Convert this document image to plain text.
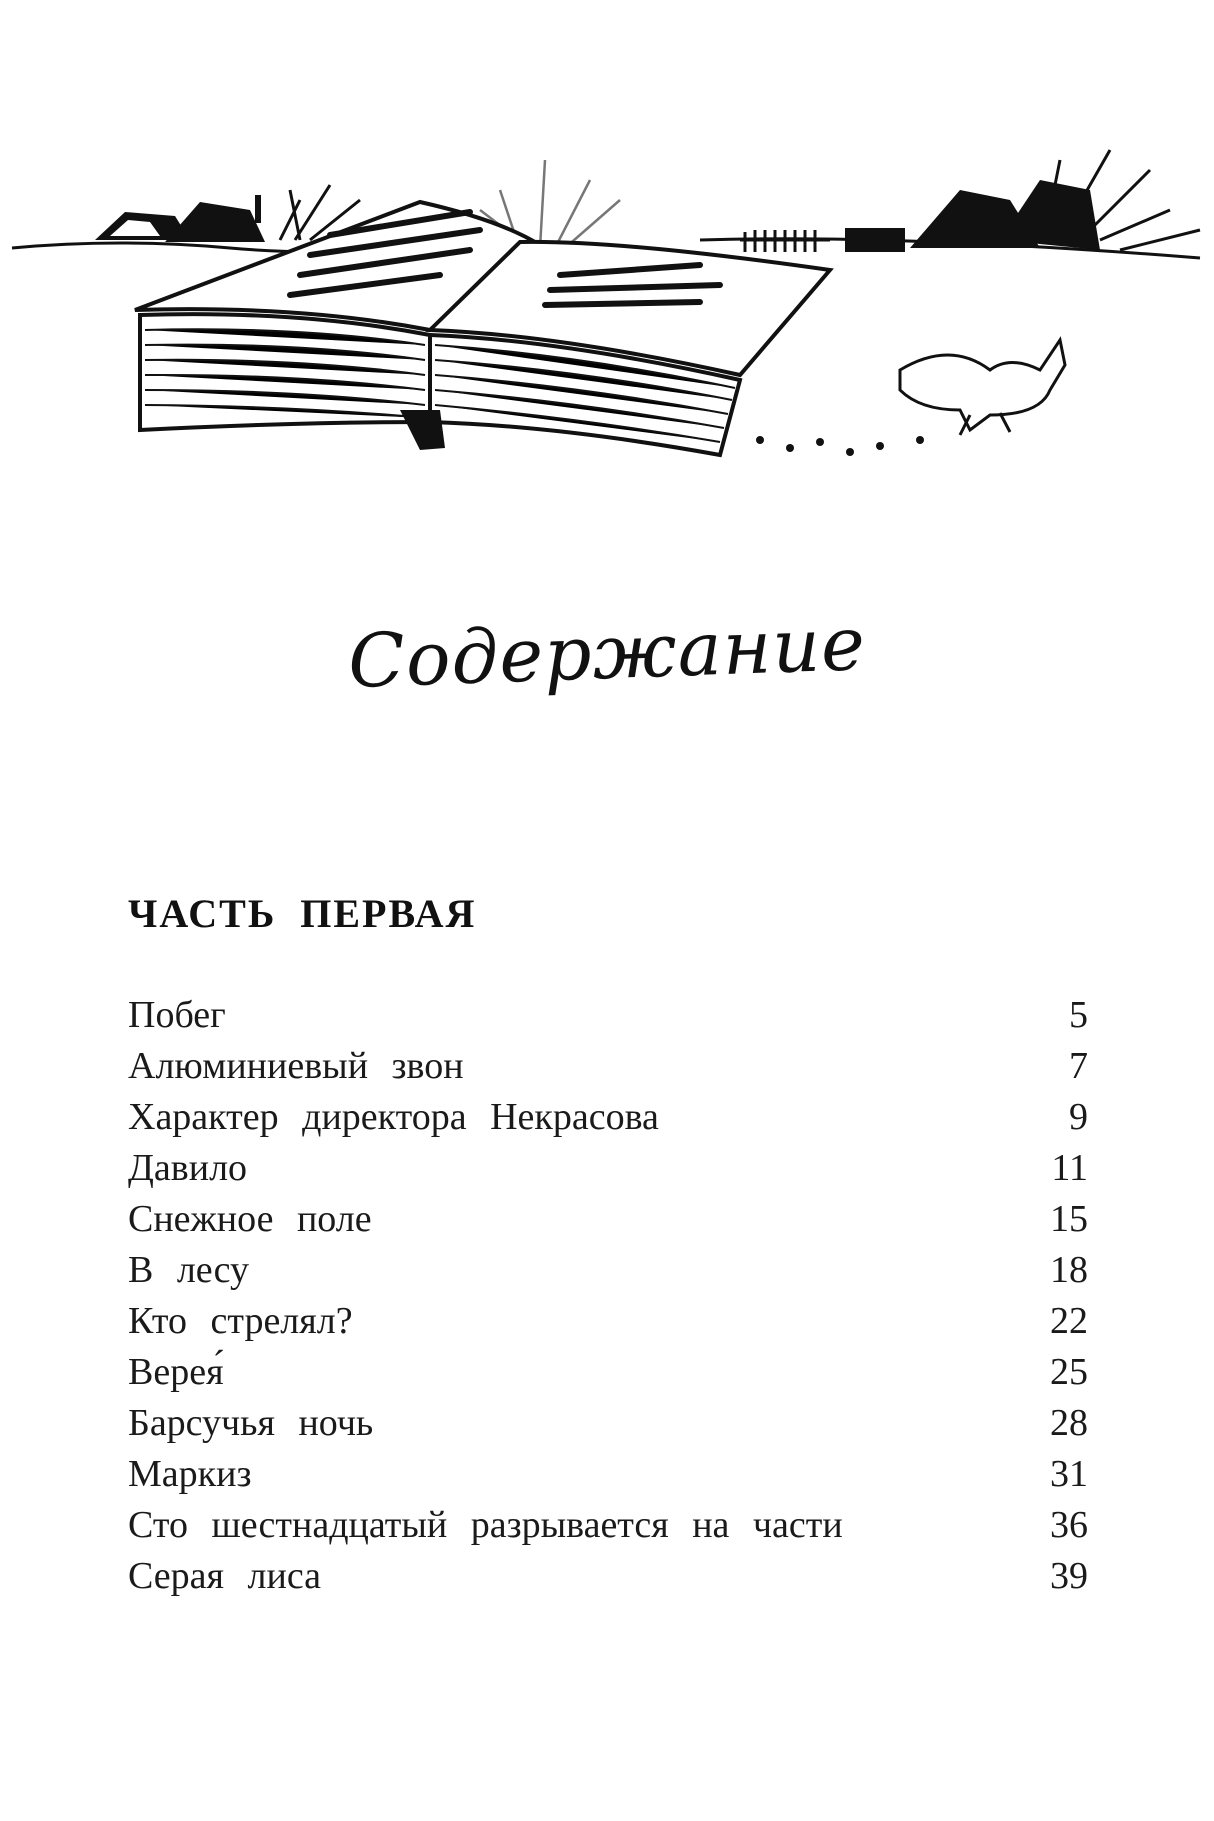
Содержание
ЧАСТЬ ПЕРВАЯ
Побег	5
Алюминиевый звон	7
Характер директора Некрасова	9
Давило	11
Снежное поле	15
В лесу	18
Кто стрелял?	22
Верея́	25
Барсучья ночь	28
Маркиз	31
Сто шестнадцатый разрывается на части	36
Серая лиса	39
